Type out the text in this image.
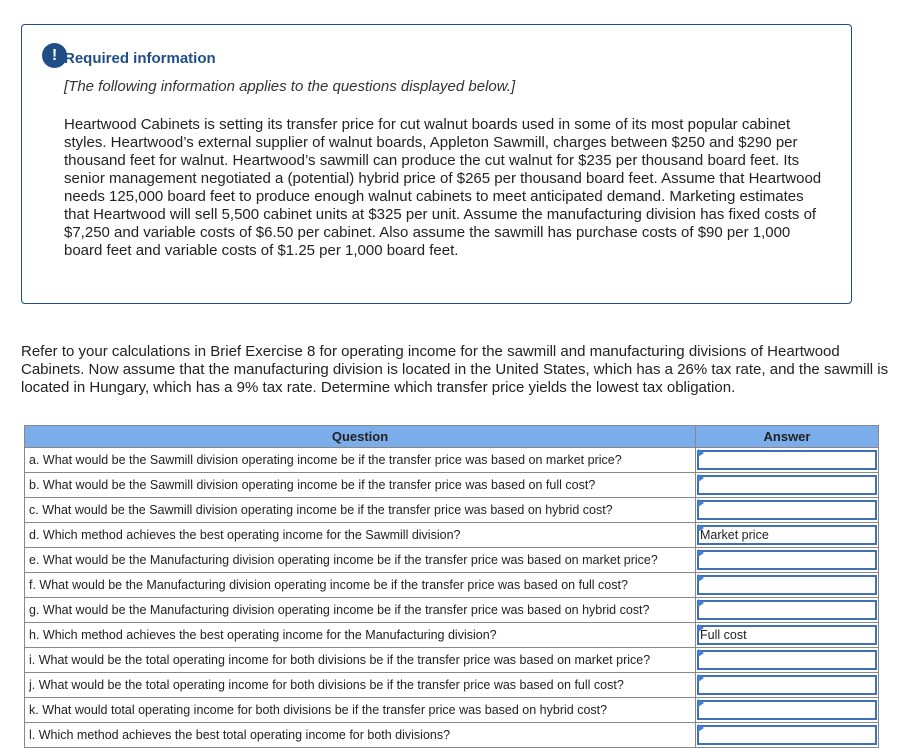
! Required information
[The following information applies to the questions displayed below.]
Heartwood Cabinets is setting its transfer price for cut walnut boards used in some of its most popular cabinet styles. Heartwood’s external supplier of walnut boards, Appleton Sawmill, charges between $250 and $290 per thousand feet for walnut. Heartwood’s sawmill can produce the cut walnut for $235 per thousand board feet. Its senior management negotiated a (potential) hybrid price of $265 per thousand board feet. Assume that Heartwood needs 125,000 board feet to produce enough walnut cabinets to meet anticipated demand. Marketing estimates that Heartwood will sell 5,500 cabinet units at $325 per unit. Assume the manufacturing division has fixed costs of $7,250 and variable costs of $6.50 per cabinet. Also assume the sawmill has purchase costs of $90 per 1,000 board feet and variable costs of $1.25 per 1,000 board feet.
Refer to your calculations in Brief Exercise 8 for operating income for the sawmill and manufacturing divisions of Heartwood Cabinets. Now assume that the manufacturing division is located in the United States, which has a 26% tax rate, and the sawmill is located in Hungary, which has a 9% tax rate. Determine which transfer price yields the lowest tax obligation.
Question	Answer
a. What would be the Sawmill division operating income be if the transfer price was based on market price?	

b. What would be the Sawmill division operating income be if the transfer price was based on full cost?	

c. What would be the Sawmill division operating income be if the transfer price was based on hybrid cost?	

d. Which method achieves the best operating income for the Sawmill division?	Market price

e. What would be the Manufacturing division operating income be if the transfer price was based on market price?	

f. What would be the Manufacturing division operating income be if the transfer price was based on full cost?	

g. What would be the Manufacturing division operating income be if the transfer price was based on hybrid cost?	

h. Which method achieves the best operating income for the Manufacturing division?	Full cost

i. What would be the total operating income for both divisions be if the transfer price was based on market price?	

j. What would be the total operating income for both divisions be if the transfer price was based on full cost?	

k. What would total operating income for both divisions be if the transfer price was based on hybrid cost?	

l. Which method achieves the best total operating income for both divisions?	
